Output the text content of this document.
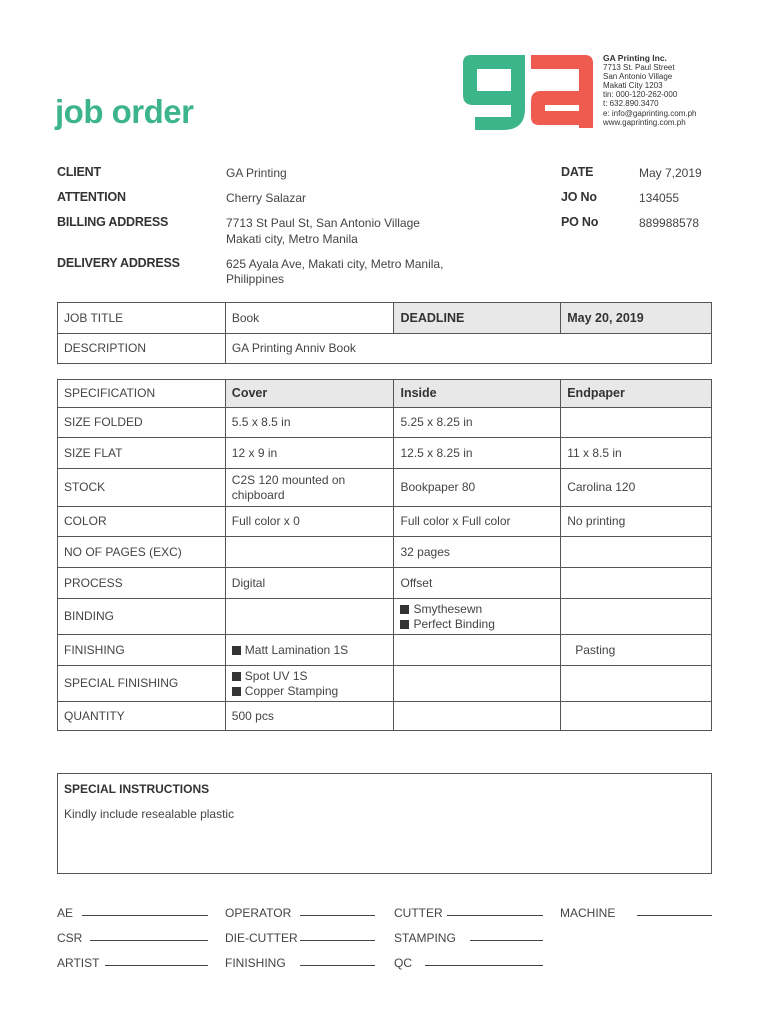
job order
GA Printing Inc.
7713 St. Paul Street
San Antonio Village
Makati City 1203
tin: 000-120-262-000
t: 632.890.3470
e: info@gaprinting.com.ph
www.gaprinting.com.ph
CLIENT	GA Printing
ATTENTION	Cherry Salazar
BILLING ADDRESS	7713 St Paul St, San Antonio Village
Makati city, Metro Manila
DELIVERY ADDRESS	625 Ayala Ave, Makati city, Metro Manila,
Philippines
DATE	May 7,2019
JO No	134055
PO No	889988578
JOB TITLE	Book	DEADLINE	May 20, 2019
DESCRIPTION	GA Printing Anniv Book		
SPECIFICATION	Cover	Inside	Endpaper
SIZE FOLDED	5.5 x 8.5 in	5.25 x 8.25 in	
SIZE FLAT	12 x 9 in	12.5 x 8.25 in	11 x 8.5 in
STOCK	C2S 120 mounted on
chipboard	Bookpaper 80	Carolina 120
COLOR	Full color x 0	Full color x Full color	No printing
NO OF PAGES (EXC)		32 pages	
PROCESS	Digital	Offset	
BINDING		Smythesewn
Perfect Binding	

FINISHING	Matt Lamination 1S		Pasting
SPECIAL FINISHING	Spot UV 1S
Copper Stamping		

QUANTITY	500 pcs		
SPECIAL INSTRUCTIONS
Kindly include resealable plastic
AE	OPERATOR	CUTTER	MACHINE
CSR	DIE-CUTTER	STAMPING
ARTIST	FINISHING	QC
